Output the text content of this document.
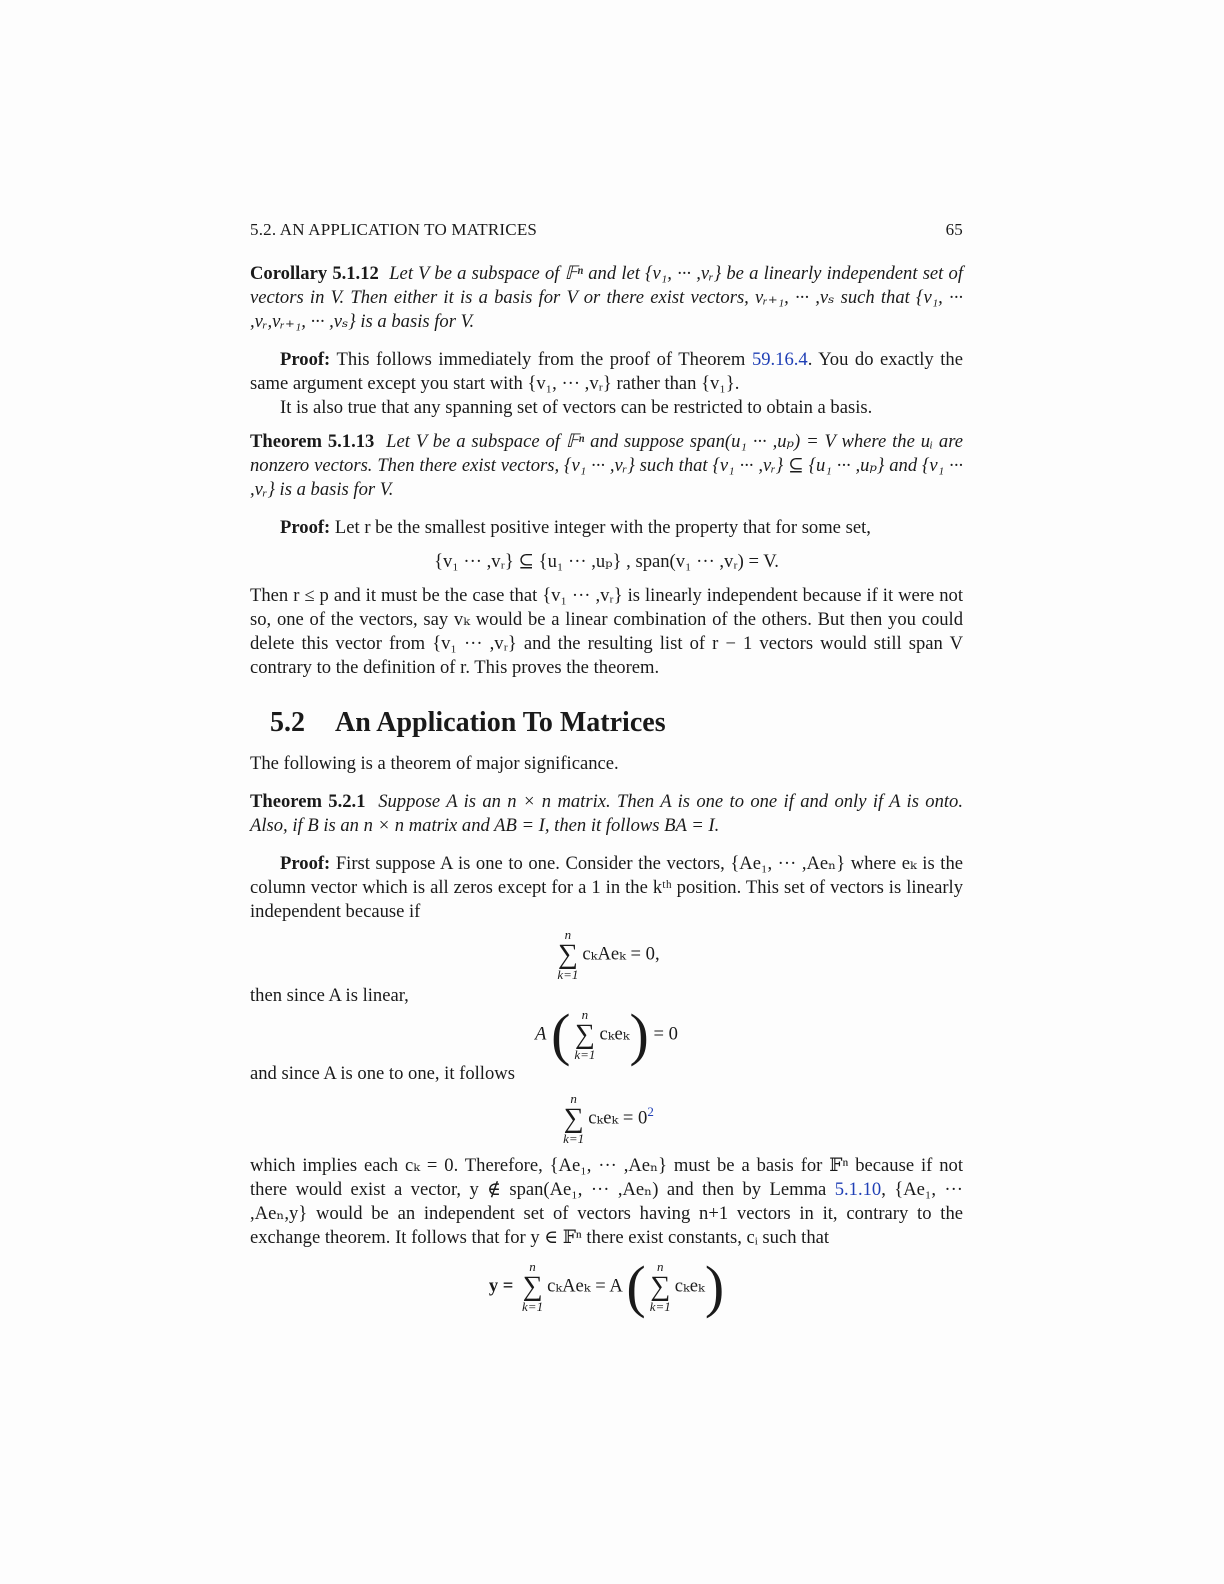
5.2. AN APPLICATION TO MATRICES	65

Corollary 5.1.12 Let V be a subspace of 𝔽ⁿ and let {v₁, ··· ,vᵣ} be a linearly independent set of vectors in V. Then either it is a basis for V or there exist vectors, vᵣ₊₁, ··· ,vₛ such that {v₁, ··· ,vᵣ,vᵣ₊₁, ··· ,vₛ} is a basis for V.

Proof: This follows immediately from the proof of Theorem 59.16.4. You do exactly the same argument except you start with {v₁, ··· ,vᵣ} rather than {v₁}.

It is also true that any spanning set of vectors can be restricted to obtain a basis.

Theorem 5.1.13 Let V be a subspace of 𝔽ⁿ and suppose span(u₁ ··· ,uₚ) = V where the uᵢ are nonzero vectors. Then there exist vectors, {v₁ ··· ,vᵣ} such that {v₁ ··· ,vᵣ} ⊆ {u₁ ··· ,uₚ} and {v₁ ··· ,vᵣ} is a basis for V.

Proof: Let r be the smallest positive integer with the property that for some set,

{v₁ ··· ,vᵣ} ⊆ {u₁ ··· ,uₚ} , span(v₁ ··· ,vᵣ) = V.

Then r ≤ p and it must be the case that {v₁ ··· ,vᵣ} is linearly independent because if it were not so, one of the vectors, say vₖ would be a linear combination of the others. But then you could delete this vector from {v₁ ··· ,vᵣ} and the resulting list of r − 1 vectors would still span V contrary to the definition of r. This proves the theorem.

5.2 An Application To Matrices

The following is a theorem of major significance.

Theorem 5.2.1 Suppose A is an n × n matrix. Then A is one to one if and only if A is onto. Also, if B is an n × n matrix and AB = I, then it follows BA = I.

Proof: First suppose A is one to one. Consider the vectors, {Ae₁, ··· ,Aeₙ} where eₖ is the column vector which is all zeros except for a 1 in the kᵗʰ position. This set of vectors is linearly independent because if

n
∑
k=1
cₖAeₖ = 0,

then since A is linear,

A ( n
∑
k=1
cₖeₖ) = 0

and since A is one to one, it follows

n
∑
k=1
$c_ke_k = 0^2$

which implies each cₖ = 0. Therefore, {Ae₁, ··· ,Aeₙ} must be a basis for 𝔽ⁿ because if not there would exist a vector, y ∉ span(Ae₁, ··· ,Aeₙ) and then by Lemma 5.1.10, {Ae₁, ··· ,Aeₙ,y} would be an independent set of vectors having n+1 vectors in it, contrary to the exchange theorem. It follows that for y ∈ 𝔽ⁿ there exist constants, cᵢ such that

y =
n
∑
k=1
cₖAeₖ = A ( n
∑
k=1
cₖeₖ)
